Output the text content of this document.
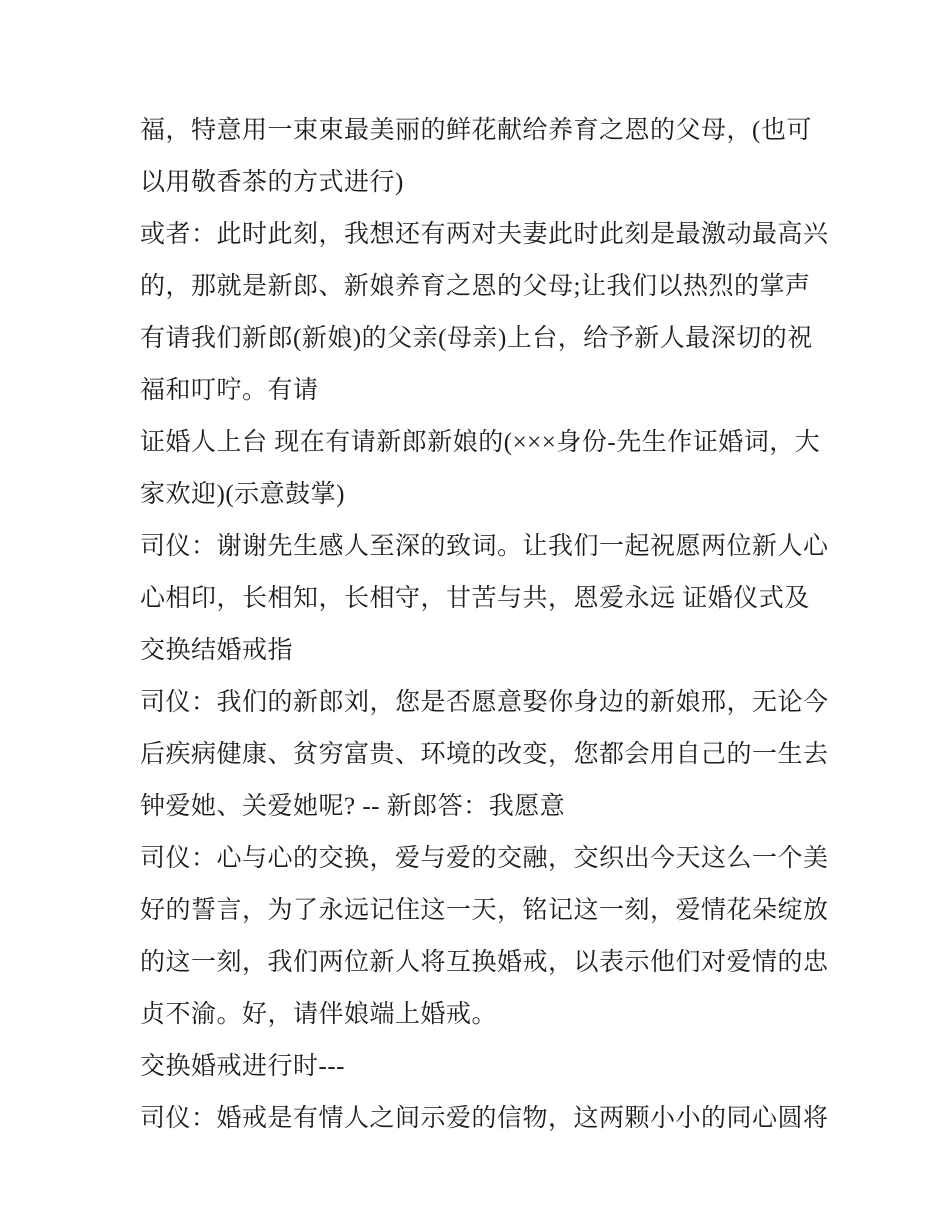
福，特意用一束束最美丽的鲜花献给养育之恩的父母，(也可
以用敬香茶的方式进行)
或者：此时此刻，我想还有两对夫妻此时此刻是最激动最高兴
的，那就是新郎、新娘养育之恩的父母;让我们以热烈的掌声
有请我们新郎(新娘)的父亲(母亲)上台，给予新人最深切的祝
福和叮咛。有请
证婚人上台 现在有请新郎新娘的(×××身份-先生作证婚词，大
家欢迎)(示意鼓掌)
司仪：谢谢先生感人至深的致词。让我们一起祝愿两位新人心
心相印，长相知，长相守，甘苦与共，恩爱永远 证婚仪式及
交换结婚戒指
司仪：我们的新郎刘，您是否愿意娶你身边的新娘邢，无论今
后疾病健康、贫穷富贵、环境的改变，您都会用自己的一生去
钟爱她、关爱她呢? -- 新郎答：我愿意
司仪：心与心的交换，爱与爱的交融，交织出今天这么一个美
好的誓言，为了永远记住这一天，铭记这一刻，爱情花朵绽放
的这一刻，我们两位新人将互换婚戒，以表示他们对爱情的忠
贞不渝。好，请伴娘端上婚戒。
交换婚戒进行时---
司仪：婚戒是有情人之间示爱的信物，这两颗小小的同心圆将
